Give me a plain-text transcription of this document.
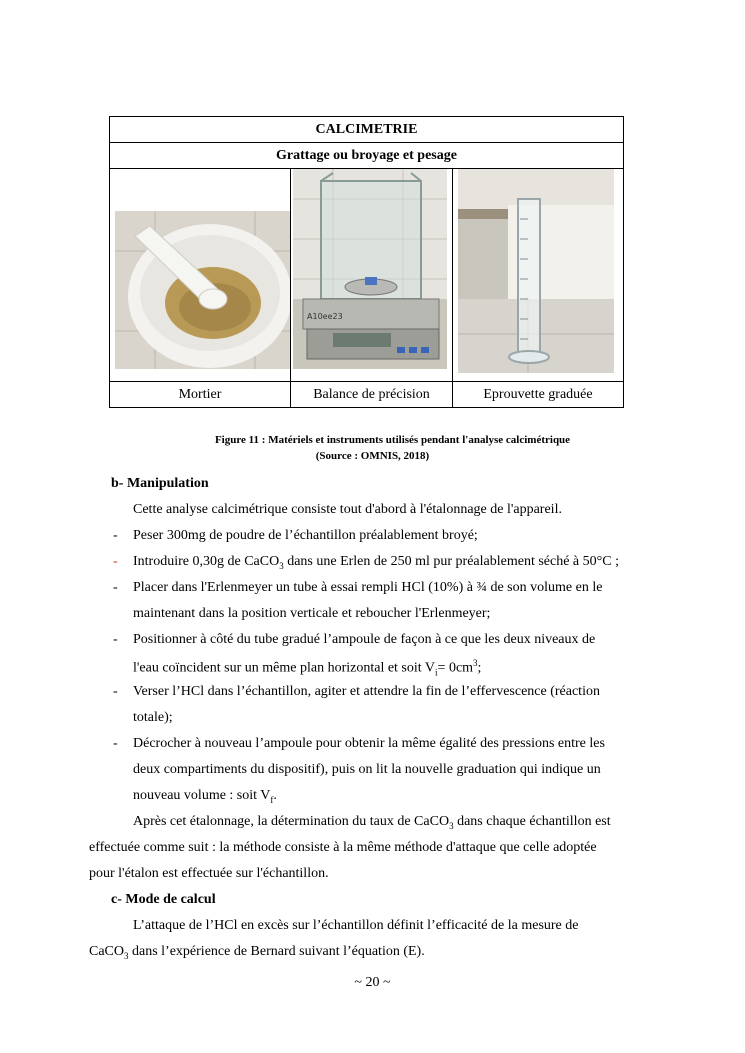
CALCIMETRIE
Grattage ou broyage et pesage
A10ee23
Mortier	Balance de précision	Eprouvette graduée
Figure 11 : Matériels et instruments utilisés pendant l'analyse calcimétrique
(Source : OMNIS, 2018)
b- Manipulation
Cette analyse calcimétrique consiste tout d'abord à l'étalonnage de l'appareil.
- Peser 300mg de poudre de l’échantillon préalablement broyé;
- Introduire 0,30g de CaCO$_3$ dans une Erlen de 250 ml pur préalablement séché à 50°C ;
- Placer dans l'Erlenmeyer un tube à essai rempli HCl (10%) à ¾ de son volume en le
maintenant dans la position verticale et reboucher l'Erlenmeyer;
- Positionner à côté du tube gradué l’ampoule de façon à ce que les deux niveaux de
l'eau coïncident sur un même plan horizontal et soit $V_i= 0cm^3$;
- Verser l’HCl dans l’échantillon, agiter et attendre la fin de l’effervescence (réaction
totale);
- Décrocher à nouveau l’ampoule pour obtenir la même égalité des pressions entre les
deux compartiments du dispositif), puis on lit la nouvelle graduation qui indique un
nouveau volume : soit $V_f$.
Après cet étalonnage, la détermination du taux de CaCO$_3$ dans chaque échantillon est
effectuée comme suit : la méthode consiste à la même méthode d'attaque que celle adoptée
pour l'étalon est effectuée sur l'échantillon.
c- Mode de calcul
L’attaque de l’HCl en excès sur l’échantillon définit l’efficacité de la mesure de
CaCO$_3$ dans l’expérience de Bernard suivant l’équation (E).
~ 20 ~
